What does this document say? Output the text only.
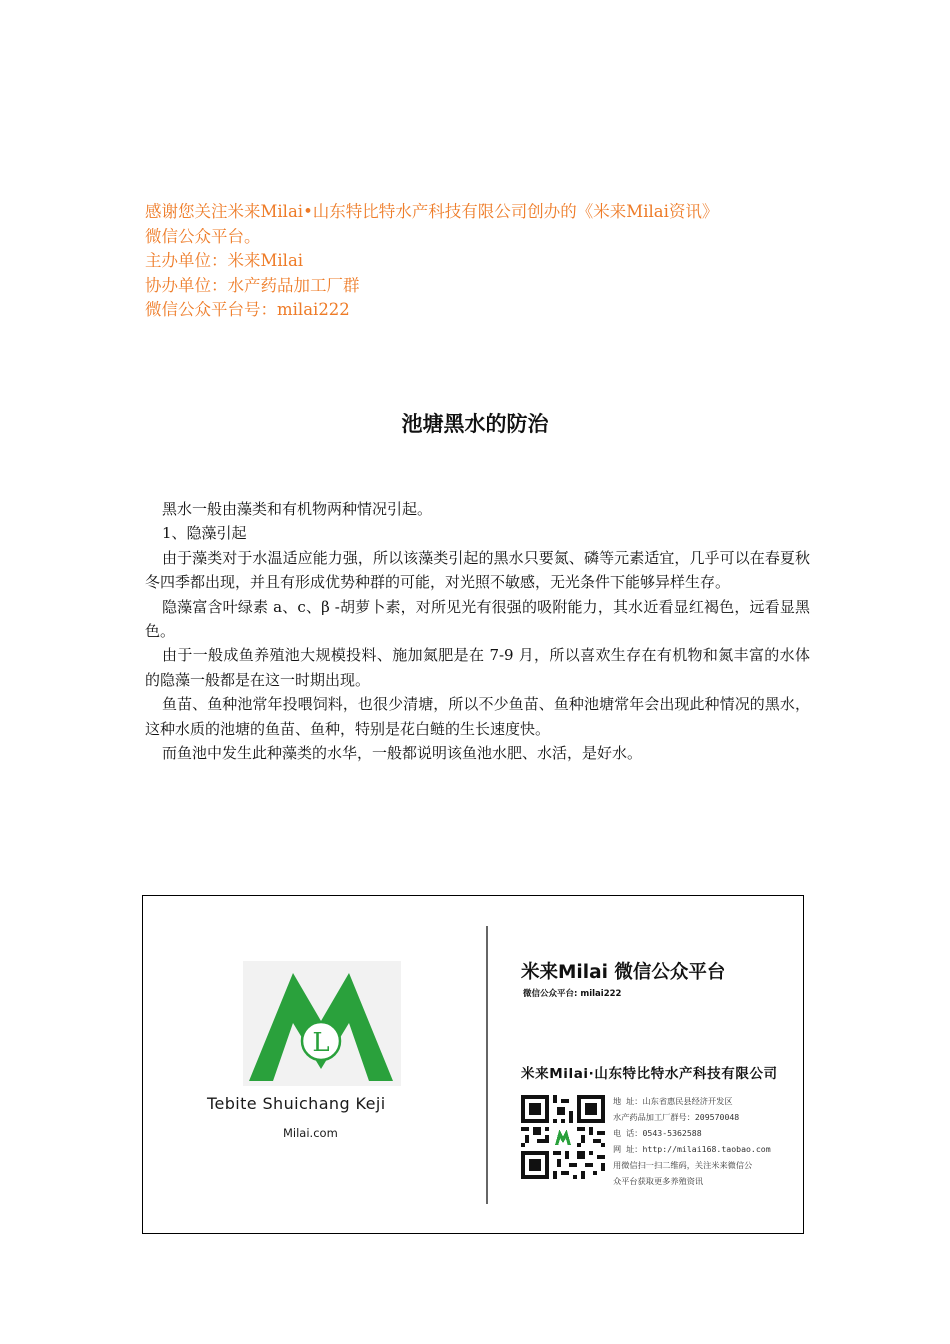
感谢您关注米来Milai•山东特比特水产科技有限公司创办的《米来Milai资讯》
微信公众平台。
主办单位：米来Milai
协办单位：水产药品加工厂群
微信公众平台号：milai222
池塘黑水的防治

黑水一般由藻类和有机物两种情况引起。

1、隐藻引起

由于藻类对于水温适应能力强，所以该藻类引起的黑水只要氮、磷等元素适宜，几乎可以在春夏秋冬四季都出现，并且有形成优势种群的可能，对光照不敏感，无光条件下能够异样生存。

隐藻富含叶绿素 a、c、β -胡萝卜素，对所见光有很强的吸附能力，其水近看显红褐色，远看显黑色。

由于一般成鱼养殖池大规模投料、施加氮肥是在 7-9 月，所以喜欢生存在有机物和氮丰富的水体的隐藻一般都是在这一时期出现。

鱼苗、鱼种池常年投喂饲料，也很少清塘，所以不少鱼苗、鱼种池塘常年会出现此种情况的黑水，这种水质的池塘的鱼苗、鱼种，特别是花白鲢的生长速度快。

而鱼池中发生此种藻类的水华，一般都说明该鱼池水肥、水活，是好水。

L
Tebite Shuichang Keji
Milai.com
米来Milai 微信公众平台
微信公众平台: milai222
米来Milai·山东特比特水产科技有限公司
地 址：山东省惠民县经济开发区
水产药品加工厂群号：209570048
电 话：0543-5362588
网 址：http://milai168.taobao.com
用微信扫一扫二维码，关注米来微信公
众平台获取更多养殖资讯
